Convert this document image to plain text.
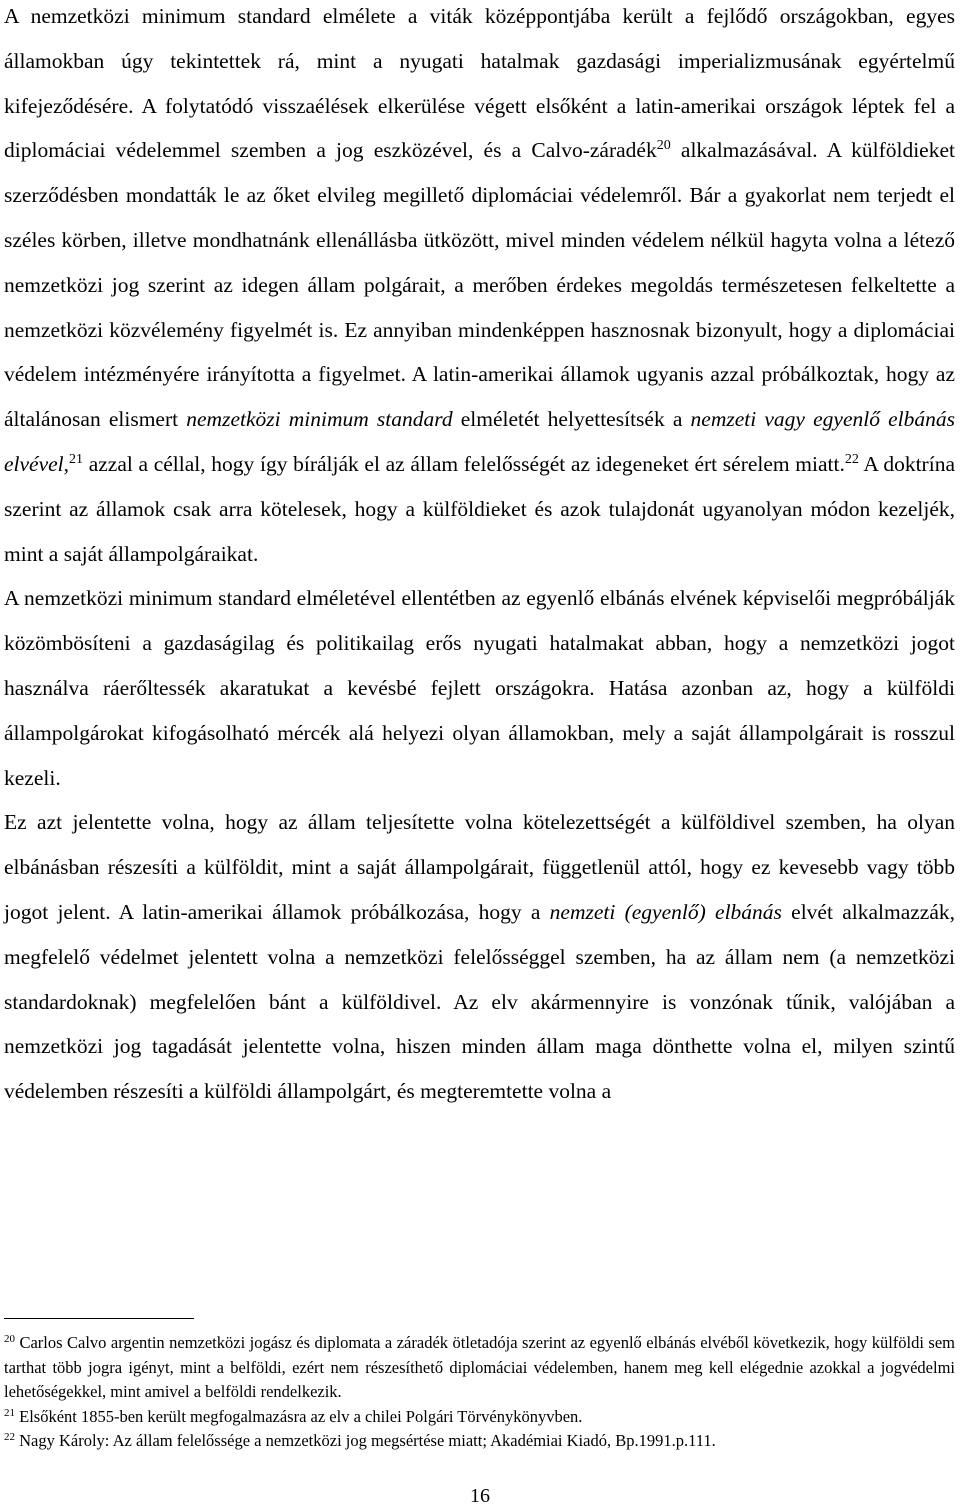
A nemzetközi minimum standard elmélete a viták középpontjába került a fejlődő országokban, egyes államokban úgy tekintettek rá, mint a nyugati hatalmak gazdasági imperializmusának egyértelmű kifejeződésére. A folytatódó visszaélések elkerülése végett elsőként a latin-amerikai országok léptek fel a diplomáciai védelemmel szemben a jog eszközével, és a Calvo-záradék$^{20}$ alkalmazásával. A külföldieket szerződésben mondatták le az őket elvileg megillető diplomáciai védelemről. Bár a gyakorlat nem terjedt el széles körben, illetve mondhatnánk ellenállásba ütközött, mivel minden védelem nélkül hagyta volna a létező nemzetközi jog szerint az idegen állam polgárait, a merőben érdekes megoldás természetesen felkeltette a nemzetközi közvélemény figyelmét is. Ez annyiban mindenképpen hasznosnak bizonyult, hogy a diplomáciai védelem intézményére irányította a figyelmet. A latin-amerikai államok ugyanis azzal próbálkoztak, hogy az általánosan elismert nemzetközi minimum standard elméletét helyettesítsék a nemzeti vagy egyenlő elbánás elvével,$^{21}$ azzal a céllal, hogy így bírálják el az állam felelősségét az idegeneket ért sérelem miatt.$^{22}$ A doktrína szerint az államok csak arra kötelesek, hogy a külföldieket és azok tulajdonát ugyanolyan módon kezeljék, mint a saját állampolgáraikat.

A nemzetközi minimum standard elméletével ellentétben az egyenlő elbánás elvének képviselői megpróbálják közömbösíteni a gazdaságilag és politikailag erős nyugati hatalmakat abban, hogy a nemzetközi jogot használva ráerőltessék akaratukat a kevésbé fejlett országokra. Hatása azonban az, hogy a külföldi állampolgárokat kifogásolható mércék alá helyezi olyan államokban, mely a saját állampolgárait is rosszul kezeli.

Ez azt jelentette volna, hogy az állam teljesítette volna kötelezettségét a külföldivel szemben, ha olyan elbánásban részesíti a külföldit, mint a saját állampolgárait, függetlenül attól, hogy ez kevesebb vagy több jogot jelent. A latin-amerikai államok próbálkozása, hogy a nemzeti (egyenlő) elbánás elvét alkalmazzák, megfelelő védelmet jelentett volna a nemzetközi felelősséggel szemben, ha az állam nem (a nemzetközi standardoknak) megfelelően bánt a külföldivel. Az elv akármennyire is vonzónak tűnik, valójában a nemzetközi jog tagadását jelentette volna, hiszen minden állam maga dönthette volna el, milyen szintű védelemben részesíti a külföldi állampolgárt, és megteremtette volna a

$^{20}$ Carlos Calvo argentin nemzetközi jogász és diplomata a záradék ötletadója szerint az egyenlő elbánás elvéből következik, hogy külföldi sem tarthat több jogra igényt, mint a belföldi, ezért nem részesíthető diplomáciai védelemben, hanem meg kell elégednie azokkal a jogvédelmi lehetőségekkel, mint amivel a belföldi rendelkezik.

$^{21}$ Elsőként 1855-ben került megfogalmazásra az elv a chilei Polgári Törvénykönyvben.

$^{22}$ Nagy Károly: Az állam felelőssége a nemzetközi jog megsértése miatt; Akadémiai Kiadó, Bp.1991.p.111.

16
